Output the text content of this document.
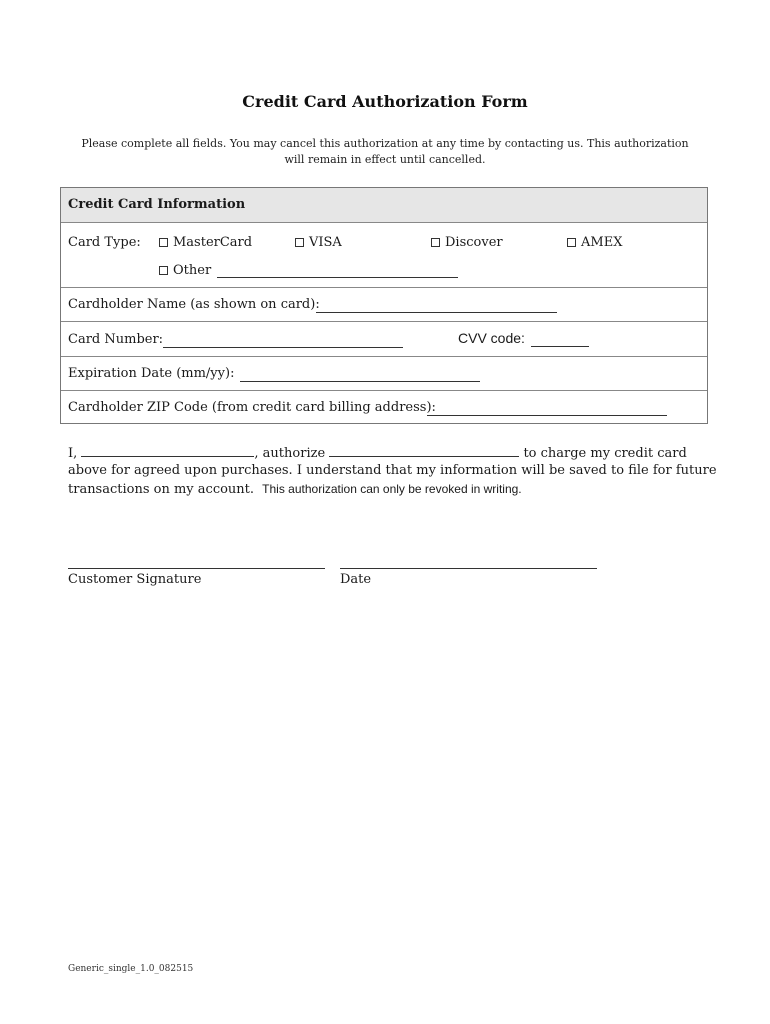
Credit Card Authorization Form
Please complete all fields. You may cancel this authorization at any time by contacting us. This authorization will remain in effect until cancelled.
Credit Card Information
Card Type:	MasterCard	VISA	Discover	AMEX
Other
Cardholder Name (as shown on card):
Card Number:	CVV code:
Expiration Date (mm/yy):
Cardholder ZIP Code (from credit card billing address):
I,	, authorize	to charge my credit card
above for agreed upon purchases. I understand that my information will be saved to file for future
transactions on my account. This authorization can only be revoked in writing.
Customer Signature	Date
Generic_single_1.0_082515
